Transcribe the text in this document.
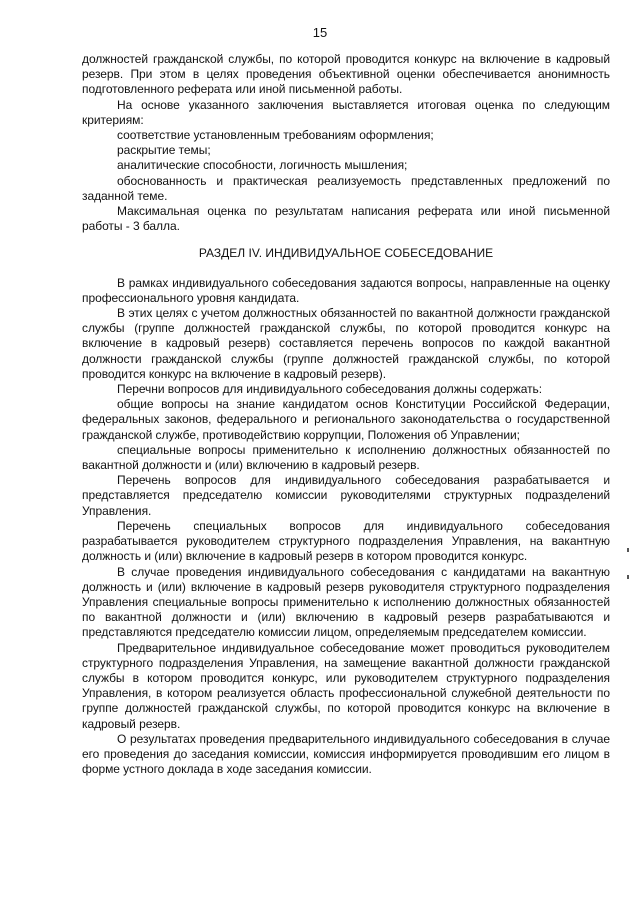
15

должностей гражданской службы, по которой проводится конкурс на включение в кадровый резерв. При этом в целях проведения объективной оценки обеспечивается анонимность подготовленного реферата или иной письменной работы.

На основе указанного заключения выставляется итоговая оценка по следующим критериям:

соответствие установленным требованиям оформления;

раскрытие темы;

аналитические способности, логичность мышления;

обоснованность и практическая реализуемость представленных предложений по заданной теме.

Максимальная оценка по результатам написания реферата или иной письменной работы - 3 балла.

РАЗДЕЛ IV. ИНДИВИДУАЛЬНОЕ СОБЕСЕДОВАНИЕ

В рамках индивидуального собеседования задаются вопросы, направленные на оценку профессионального уровня кандидата.

В этих целях с учетом должностных обязанностей по вакантной должности гражданской службы (группе должностей гражданской службы, по которой проводится конкурс на включение в кадровый резерв) составляется перечень вопросов по каждой вакантной должности гражданской службы (группе должностей гражданской службы, по которой проводится конкурс на включение в кадровый резерв).

Перечни вопросов для индивидуального собеседования должны содержать:

общие вопросы на знание кандидатом основ Конституции Российской Федерации, федеральных законов, федерального и регионального законодательства о государственной гражданской службе, противодействию коррупции, Положения об Управлении;

специальные вопросы применительно к исполнению должностных обязанностей по вакантной должности и (или) включению в кадровый резерв.

Перечень вопросов для индивидуального собеседования разрабатывается и представляется председателю комиссии руководителями структурных подразделений Управления.

Перечень специальных вопросов для индивидуального собеседования разрабатывается руководителем структурного подразделения Управления, на вакантную должность и (или) включение в кадровый резерв в котором проводится конкурс.

В случае проведения индивидуального собеседования с кандидатами на вакантную должность и (или) включение в кадровый резерв руководителя структурного подразделения Управления специальные вопросы применительно к исполнению должностных обязанностей по вакантной должности и (или) включению в кадровый резерв разрабатываются и представляются председателю комиссии лицом, определяемым председателем комиссии.

Предварительное индивидуальное собеседование может проводиться руководителем структурного подразделения Управления, на замещение вакантной должности гражданской службы в котором проводится конкурс, или руководителем структурного подразделения Управления, в котором реализуется область профессиональной служебной деятельности по группе должностей гражданской службы, по которой проводится конкурс на включение в кадровый резерв.

О результатах проведения предварительного индивидуального собеседования в случае его проведения до заседания комиссии, комиссия информируется проводившим его лицом в форме устного доклада в ходе заседания комиссии.
